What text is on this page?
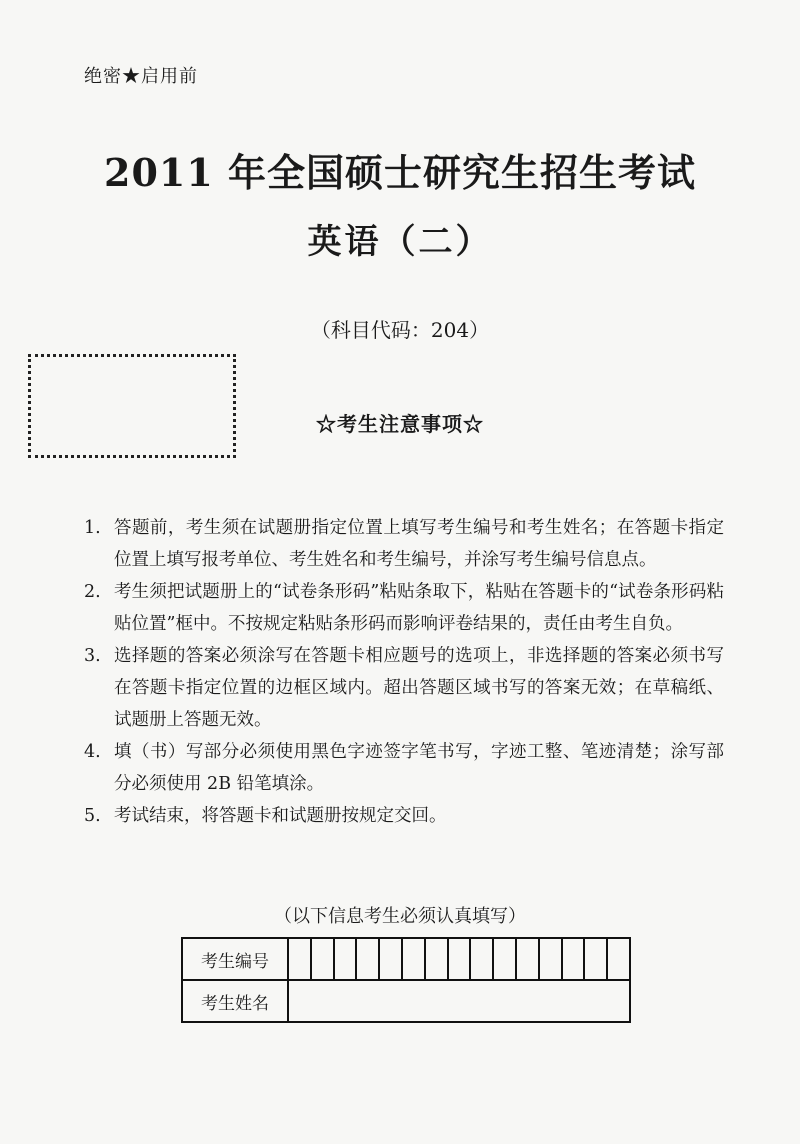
绝密★启用前
2011 年全国硕士研究生招生考试
英语（二）
（科目代码：204）
☆考生注意事项☆
1. 答题前，考生须在试题册指定位置上填写考生编号和考生姓名；在答题卡指定位置上填写报考单位、考生姓名和考生编号，并涂写考生编号信息点。
2. 考生须把试题册上的“试卷条形码”粘贴条取下，粘贴在答题卡的“试卷条形码粘贴位置”框中。不按规定粘贴条形码而影响评卷结果的，责任由考生自负。
3. 选择题的答案必须涂写在答题卡相应题号的选项上，非选择题的答案必须书写在答题卡指定位置的边框区域内。超出答题区域书写的答案无效；在草稿纸、试题册上答题无效。
4. 填（书）写部分必须使用黑色字迹签字笔书写，字迹工整、笔迹清楚；涂写部分必须使用 2B 铅笔填涂。
5. 考试结束，将答题卡和试题册按规定交回。
（以下信息考生必须认真填写）
考生编号															
考生姓名															
